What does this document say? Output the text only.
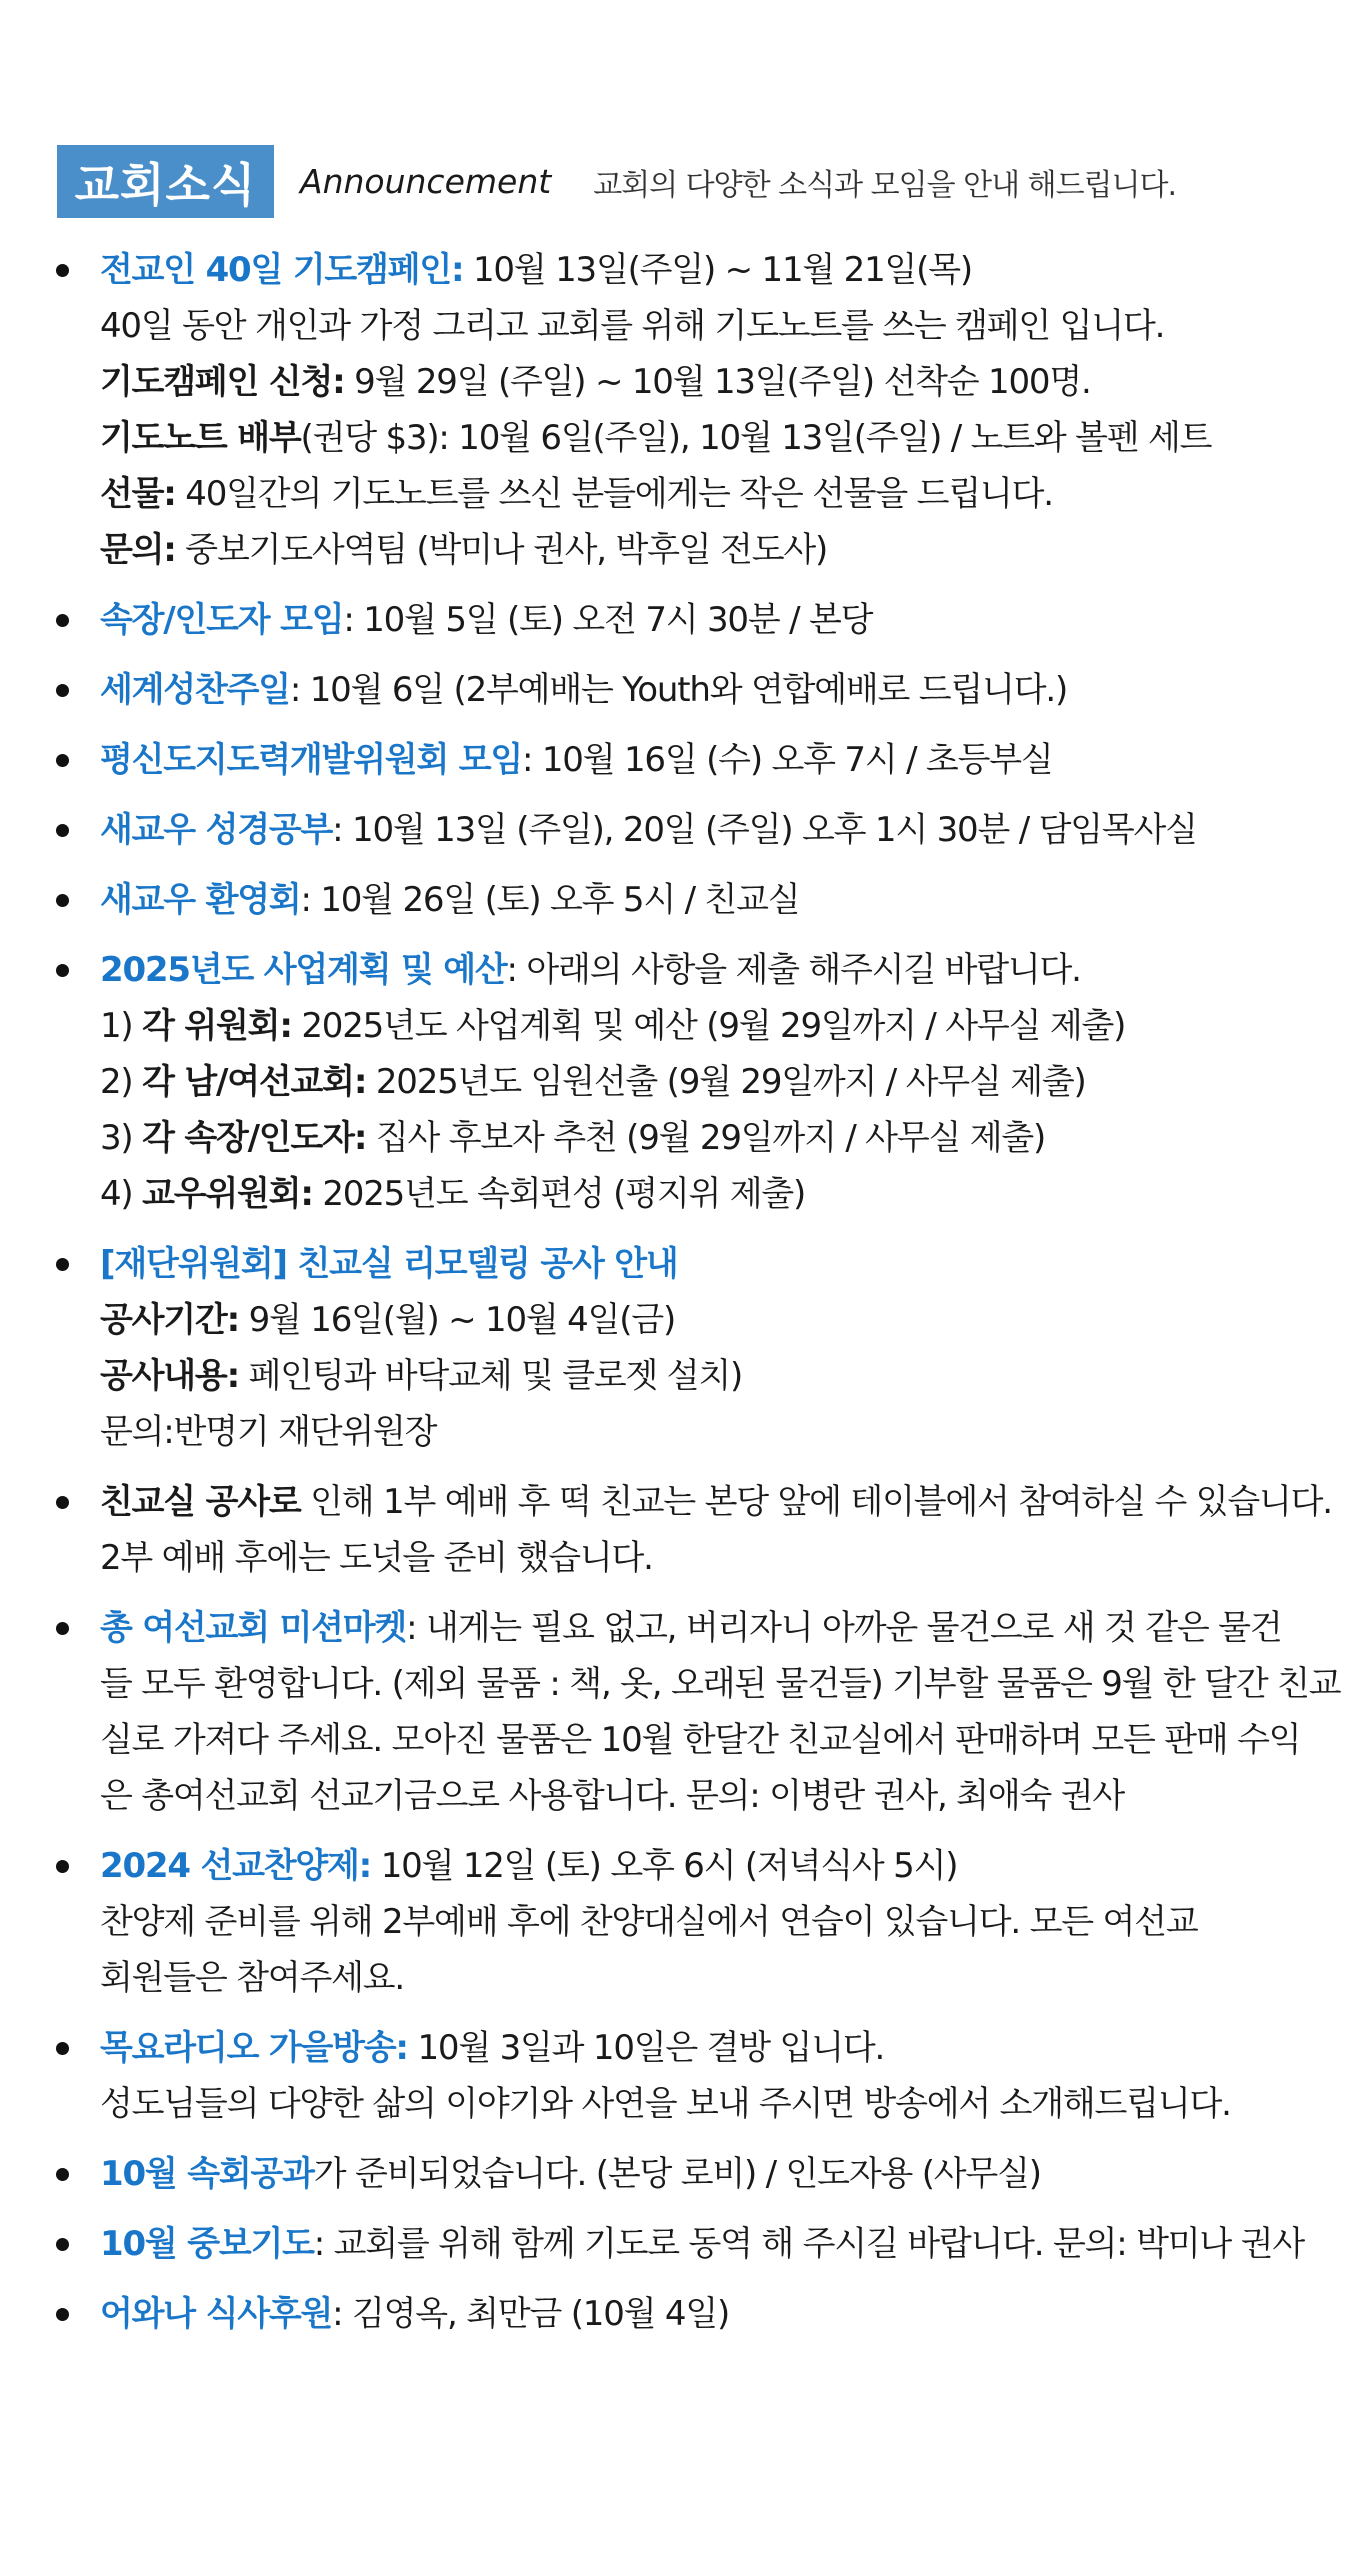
교회소식	Announcement 교회의 다양한 소식과 모임을 안내 해드립니다.
전교인 40일 기도캠페인: 10월 13일(주일) ~ 11월 21일(목)
40일 동안 개인과 가정 그리고 교회를 위해 기도노트를 쓰는 캠페인 입니다.
기도캠페인 신청: 9월 29일 (주일) ~ 10월 13일(주일) 선착순 100명.
기도노트 배부(권당 $3): 10월 6일(주일), 10월 13일(주일) / 노트와 볼펜 세트
선물: 40일간의 기도노트를 쓰신 분들에게는 작은 선물을 드립니다.
문의: 중보기도사역팀 (박미나 권사, 박후일 전도사)
속장/인도자 모임: 10월 5일 (토) 오전 7시 30분 / 본당
세계성찬주일: 10월 6일 (2부예배는 Youth와 연합예배로 드립니다.)
평신도지도력개발위원회 모임: 10월 16일 (수) 오후 7시 / 초등부실
새교우 성경공부: 10월 13일 (주일), 20일 (주일) 오후 1시 30분 / 담임목사실
새교우 환영회: 10월 26일 (토) 오후 5시 / 친교실
2025년도 사업계획 및 예산: 아래의 사항을 제출 해주시길 바랍니다.
1) 각 위원회: 2025년도 사업계획 및 예산 (9월 29일까지 / 사무실 제출)
2) 각 남/여선교회: 2025년도 임원선출 (9월 29일까지 / 사무실 제출)
3) 각 속장/인도자: 집사 후보자 추천 (9월 29일까지 / 사무실 제출)
4) 교우위원회: 2025년도 속회편성 (평지위 제출)
[재단위원회] 친교실 리모델링 공사 안내
공사기간: 9월 16일(월) ~ 10월 4일(금)
공사내용: 페인팅과 바닥교체 및 클로젯 설치)
문의:반명기 재단위원장
친교실 공사로 인해 1부 예배 후 떡 친교는 본당 앞에 테이블에서 참여하실 수 있습니다.
2부 예배 후에는 도넛을 준비 했습니다.
총 여선교회 미션마켓: 내게는 필요 없고, 버리자니 아까운 물건으로 새 것 같은 물건
들 모두 환영합니다. (제외 물품 : 책, 옷, 오래된 물건들) 기부할 물품은 9월 한 달간 친교
실로 가져다 주세요. 모아진 물품은 10월 한달간 친교실에서 판매하며 모든 판매 수익
은 총여선교회 선교기금으로 사용합니다. 문의: 이병란 권사, 최애숙 권사
2024 선교찬양제: 10월 12일 (토) 오후 6시 (저녁식사 5시)
찬양제 준비를 위해 2부예배 후에 찬양대실에서 연습이 있습니다. 모든 여선교
회원들은 참여주세요.
목요라디오 가을방송: 10월 3일과 10일은 결방 입니다.
성도님들의 다양한 삶의 이야기와 사연을 보내 주시면 방송에서 소개해드립니다.
10월 속회공과가 준비되었습니다. (본당 로비) / 인도자용 (사무실)
10월 중보기도: 교회를 위해 함께 기도로 동역 해 주시길 바랍니다. 문의: 박미나 권사
어와나 식사후원: 김영옥, 최만금 (10월 4일)
